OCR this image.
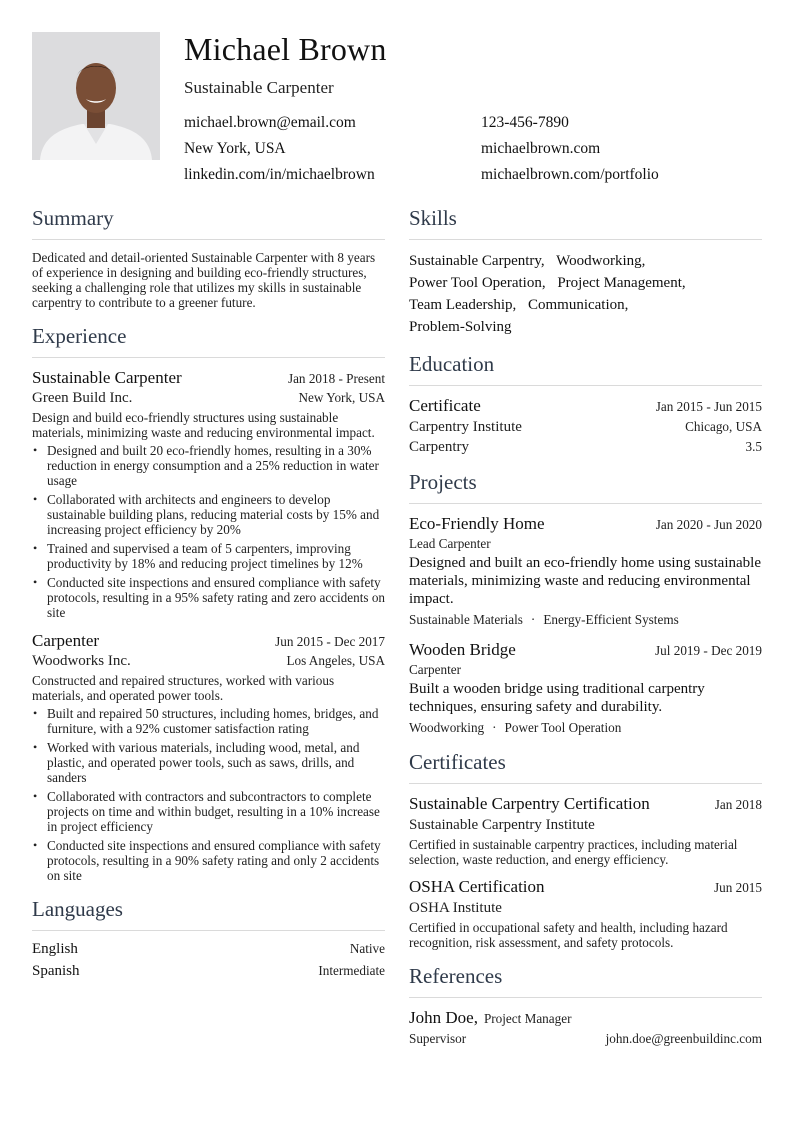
Michael Brown
Sustainable Carpenter
michael.brown@email.com	123-456-7890
New York, USA	michaelbrown.com
linkedin.com/in/michaelbrown	michaelbrown.com/portfolio
Summary
Dedicated and detail-oriented Sustainable Carpenter with 8 years of experience in designing and building eco-friendly structures, seeking a challenging role that utilizes my skills in sustainable carpentry to contribute to a greener future.
Experience
Sustainable Carpenter	Jan 2018 - Present
Green Build Inc.	New York, USA
Design and build eco-friendly structures using sustainable materials, minimizing waste and reducing environmental impact.
• Designed and built 20 eco-friendly homes, resulting in a 30% reduction in energy consumption and a 25% reduction in water usage
• Collaborated with architects and engineers to develop sustainable building plans, reducing material costs by 15% and increasing project efficiency by 20%
• Trained and supervised a team of 5 carpenters, improving productivity by 18% and reducing project timelines by 12%
• Conducted site inspections and ensured compliance with safety protocols, resulting in a 95% safety rating and zero accidents on site
Carpenter	Jun 2015 - Dec 2017
Woodworks Inc.	Los Angeles, USA
Constructed and repaired structures, worked with various materials, and operated power tools.
• Built and repaired 50 structures, including homes, bridges, and furniture, with a 92% customer satisfaction rating
• Worked with various materials, including wood, metal, and plastic, and operated power tools, such as saws, drills, and sanders
• Collaborated with contractors and subcontractors to complete projects on time and within budget, resulting in a 10% increase in project efficiency
• Conducted site inspections and ensured compliance with safety protocols, resulting in a 90% safety rating and only 2 accidents on site
Languages
English	Native
Spanish	Intermediate
Skills
Sustainable Carpentry, Woodworking,
Power Tool Operation, Project Management,
Team Leadership, Communication,
Problem-Solving
Education
Certificate	Jan 2015 - Jun 2015
Carpentry Institute	Chicago, USA
Carpentry	3.5
Projects
Eco-Friendly Home	Jan 2020 - Jun 2020
Lead Carpenter
Designed and built an eco-friendly home using sustainable materials, minimizing waste and reducing environmental impact.
Sustainable Materials · Energy-Efficient Systems
Wooden Bridge	Jul 2019 - Dec 2019
Carpenter
Built a wooden bridge using traditional carpentry techniques, ensuring safety and durability.
Woodworking · Power Tool Operation
Certificates
Sustainable Carpentry Certification	Jan 2018
Sustainable Carpentry Institute
Certified in sustainable carpentry practices, including material selection, waste reduction, and energy efficiency.
OSHA Certification	Jun 2015
OSHA Institute
Certified in occupational safety and health, including hazard recognition, risk assessment, and safety protocols.
References
John Doe, Project Manager
Supervisor	john.doe@greenbuildinc.com
